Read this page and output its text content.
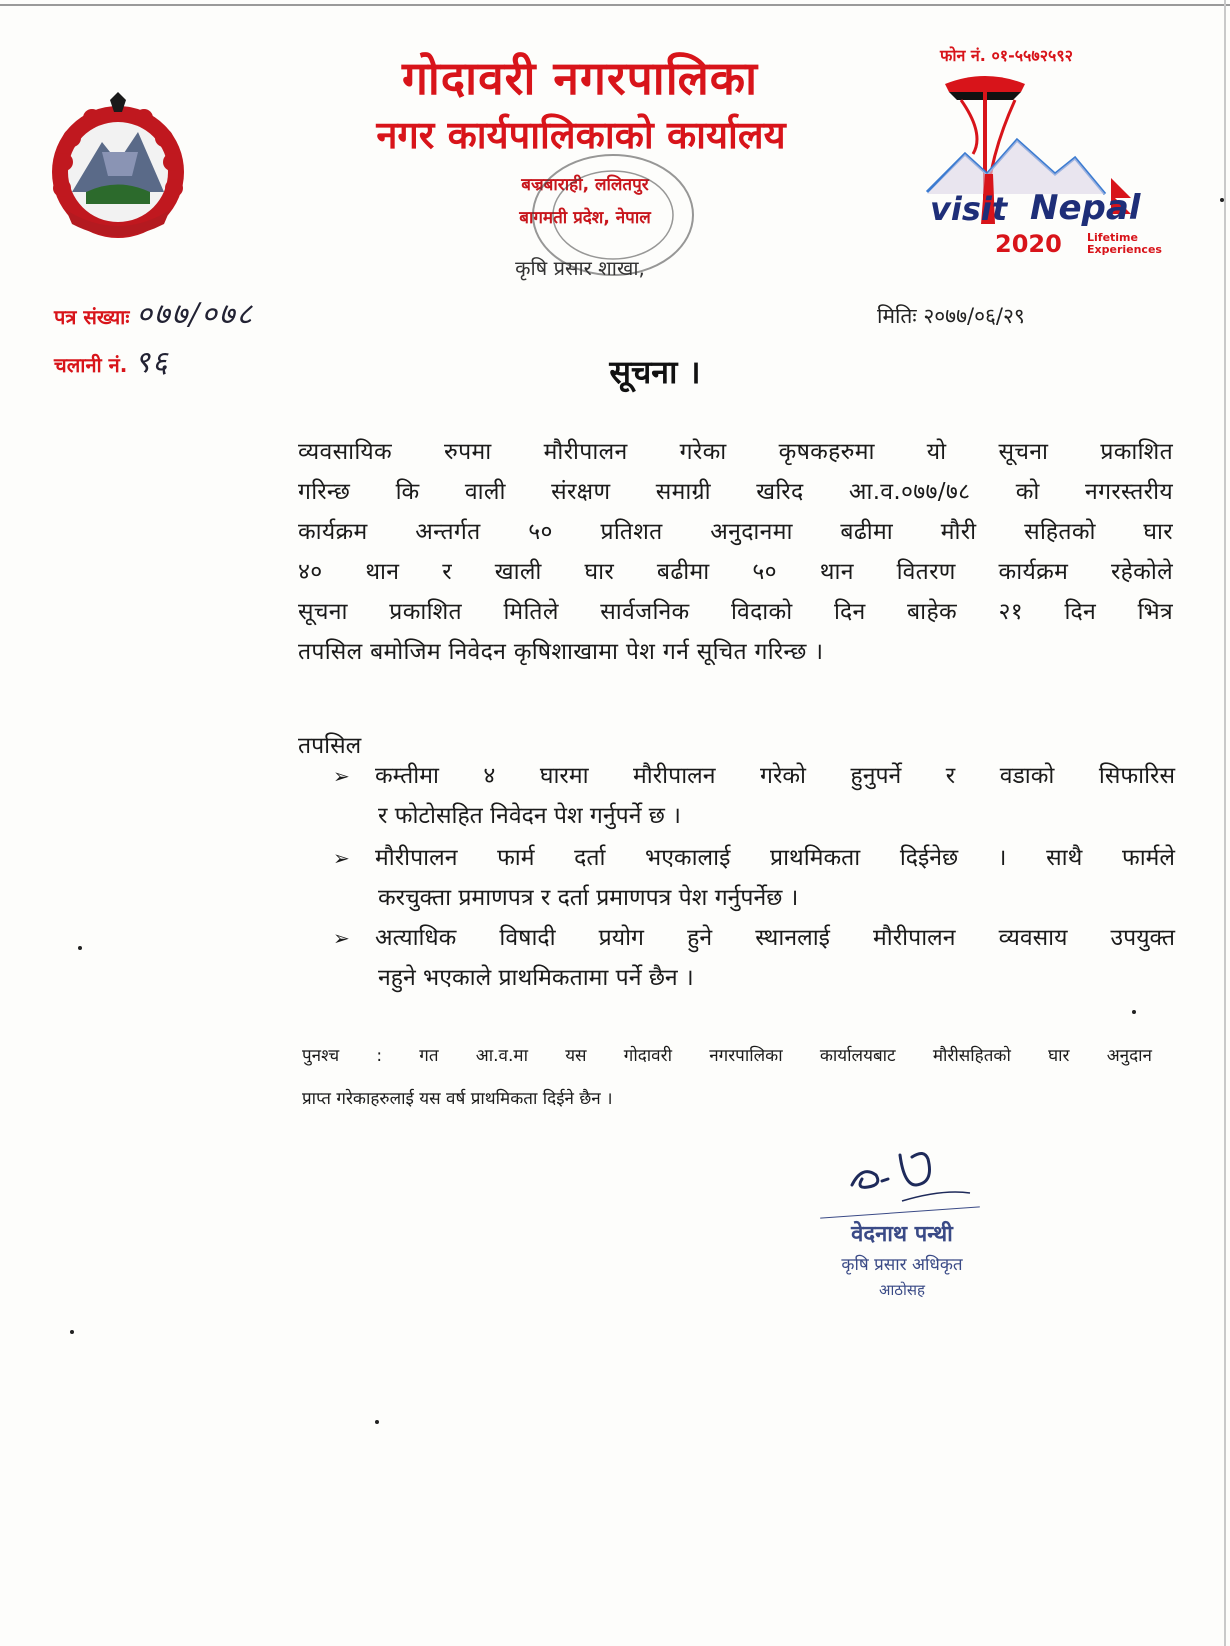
गोदावरी नगरपालिका
नगर कार्यपालिकाको कार्यालय
बज्रबाराही, ललितपुर
बागमती प्रदेश, नेपाल
कृषि प्रसार शाखा,
फोन नं. ०१-५५७२५९२
visit Nepal
2020 Lifetime
Experiences
पत्र संख्याः ०७७/०७८
चलानी नं. ९६
मितिः २०७७/०६/२९
सूचना ।
व्यवसायिक रुपमा मौरीपालन गरेका कृषकहरुमा यो सूचना प्रकाशित
गरिन्छ कि वाली संरक्षण समाग्री खरिद आ.व.०७७/७८ को नगरस्तरीय
कार्यक्रम अन्तर्गत ५० प्रतिशत अनुदानमा बढीमा मौरी सहितको घार
४० थान र खाली घार बढीमा ५० थान वितरण कार्यक्रम रहेकोले
सूचना प्रकाशित मितिले सार्वजनिक विदाको दिन बाहेक २१ दिन भित्र
तपसिल बमोजिम निवेदन कृषिशाखामा पेश गर्न सूचित गरिन्छ ।
तपसिल
➢ कम्तीमा ४ घारमा मौरीपालन गरेको हुनुपर्ने र वडाको सिफारिस
र फोटोसहित निवेदन पेश गर्नुपर्ने छ ।
➢ मौरीपालन फार्म दर्ता भएकालाई प्राथमिकता दिईनेछ । साथै फार्मले
करचुक्ता प्रमाणपत्र र दर्ता प्रमाणपत्र पेश गर्नुपर्नेछ ।
➢ अत्याधिक विषादी प्रयोग हुने स्थानलाई मौरीपालन व्यवसाय उपयुक्त
नहुने भएकाले प्राथमिकतामा पर्ने छैन ।
पुनश्च : गत आ.व.मा यस गोदावरी नगरपालिका कार्यालयबाट मौरीसहितको घार अनुदान
प्राप्त गरेकाहरुलाई यस वर्ष प्राथमिकता दिईने छैन ।
वेदनाथ पन्थी
कृषि प्रसार अधिकृत
आठोसह
